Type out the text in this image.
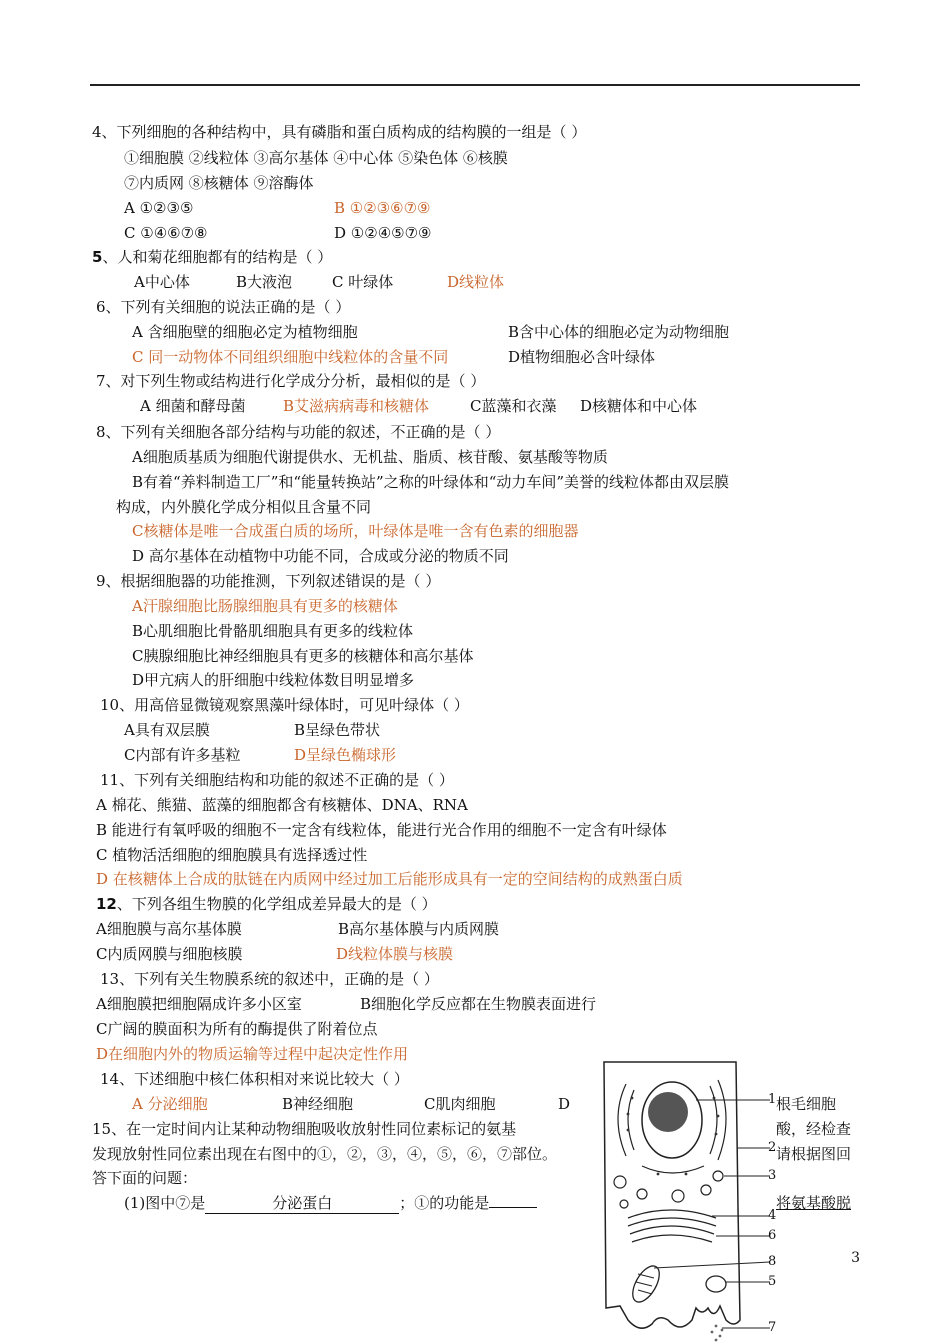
4、下列细胞的各种结构中，具有磷脂和蛋白质构成的结构膜的一组是（ ）
①细胞膜 ②线粒体 ③高尔基体 ④中心体 ⑤染色体 ⑥核膜
⑦内质网 ⑧核糖体 ⑨溶酶体
A ①②③⑤	B ①②③⑥⑦⑨
C ①④⑥⑦⑧	D ①②④⑤⑦⑨
5、人和菊花细胞都有的结构是（ ）
A中心体	B大液泡	C 叶绿体	D线粒体
6、下列有关细胞的说法正确的是（ ）
A 含细胞壁的细胞必定为植物细胞	B含中心体的细胞必定为动物细胞
C 同一动物体不同组织细胞中线粒体的含量不同	D植物细胞必含叶绿体
7、对下列生物或结构进行化学成分分析，最相似的是（ ）
A 细菌和酵母菌 B艾滋病病毒和核糖体	C蓝藻和衣藻 D核糖体和中心体
8、下列有关细胞各部分结构与功能的叙述，不正确的是（ ）
A细胞质基质为细胞代谢提供水、无机盐、脂质、核苷酸、氨基酸等物质
B有着“养料制造工厂”和“能量转换站”之称的叶绿体和“动力车间”美誉的线粒体都由双层膜
构成，内外膜化学成分相似且含量不同
C核糖体是唯一合成蛋白质的场所，叶绿体是唯一含有色素的细胞器
D 高尔基体在动植物中功能不同，合成或分泌的物质不同
9、根据细胞器的功能推测，下列叙述错误的是（ ）
A汗腺细胞比肠腺细胞具有更多的核糖体
B心肌细胞比骨骼肌细胞具有更多的线粒体
C胰腺细胞比神经细胞具有更多的核糖体和高尔基体
D甲亢病人的肝细胞中线粒体数目明显增多
10、用高倍显微镜观察黑藻叶绿体时，可见叶绿体（ ）
A具有双层膜	B呈绿色带状
C内部有许多基粒	D呈绿色椭球形
11、下列有关细胞结构和功能的叙述不正确的是（ ）
A 棉花、熊猫、蓝藻的细胞都含有核糖体、DNA、RNA
B 能进行有氧呼吸的细胞不一定含有线粒体，能进行光合作用的细胞不一定含有叶绿体
C 植物活活细胞的细胞膜具有选择透过性
D 在核糖体上合成的肽链在内质网中经过加工后能形成具有一定的空间结构的成熟蛋白质
12、下列各组生物膜的化学组成差异最大的是（ ）
A细胞膜与高尔基体膜	B高尔基体膜与内质网膜
C内质网膜与细胞核膜	D线粒体膜与核膜
13、下列有关生物膜系统的叙述中，正确的是（ ）
A细胞膜把细胞隔成许多小区室	B细胞化学反应都在生物膜表面进行
C广阔的膜面积为所有的酶提供了附着位点
D在细胞内外的物质运输等过程中起决定性作用
14、下述细胞中核仁体积相对来说比较大（ ）
A 分泌细胞	B神经细胞	C肌肉细胞	D	根毛细胞
15、在一定时间内让某种动物细胞吸收放射性同位素标记的氨基	酸，经检查
发现放射性同位素出现在右图中的①，②，③，④，⑤，⑥，⑦部位。	请根据图回
答下面的问题：
(1)图中⑦是	分泌蛋白	；①的功能是	将氨基酸脱
1
2
3
4
6
8
5
7
3
